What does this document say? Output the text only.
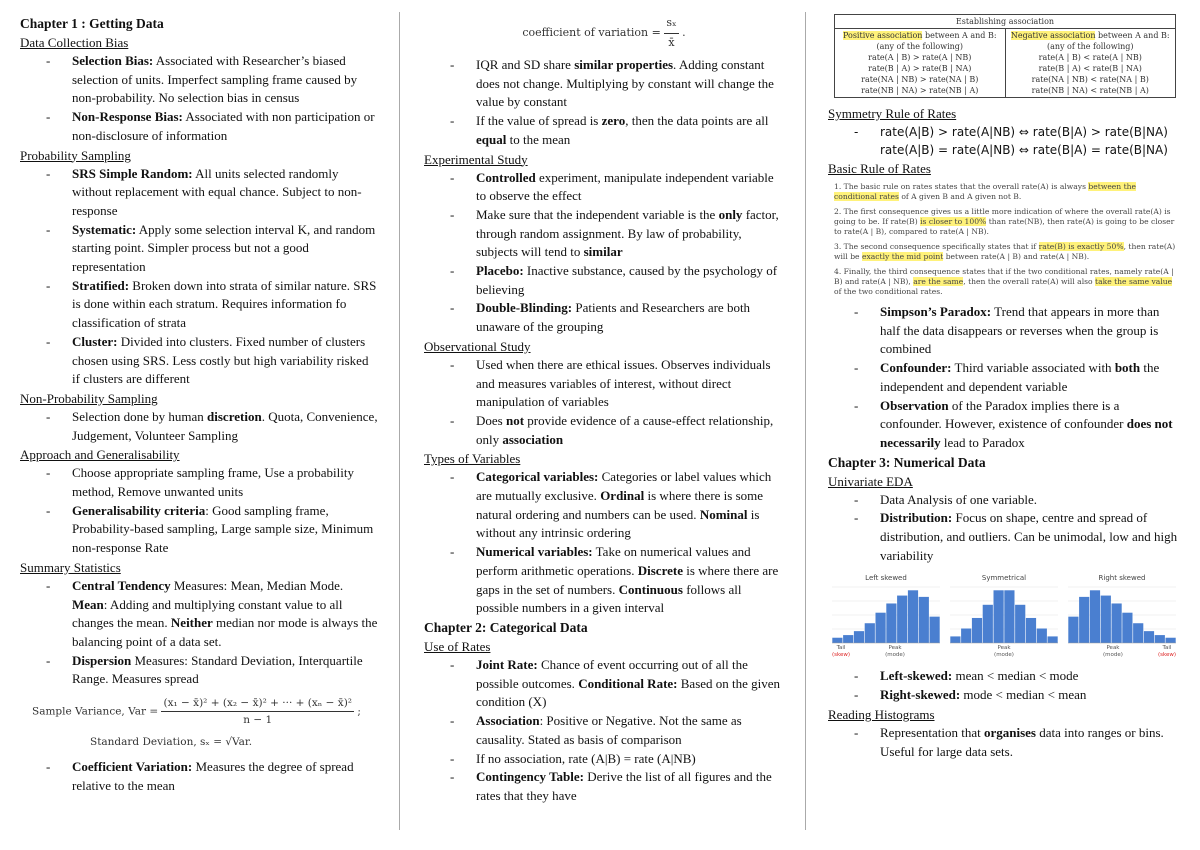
Chapter 1 : Getting Data
Data Collection Bias
- Selection Bias: Associated with Researcher’s biased selection of units. Imperfect sampling frame caused by non-probability. No selection bias in census
- Non-Response Bias: Associated with non participation or non-disclosure of information
Probability Sampling
- SRS Simple Random: All units selected randomly without replacement with equal chance. Subject to non-response
- Systematic: Apply some selection interval K, and random starting point. Simpler process but not a good representation
- Stratified: Broken down into strata of similar nature. SRS is done within each stratum. Requires information fo classification of strata
- Cluster: Divided into clusters. Fixed number of clusters chosen using SRS. Less costly but high variability risked if clusters are different
Non-Probability Sampling
- Selection done by human discretion. Quota, Convenience, Judgement, Volunteer Sampling
Approach and Generalisability
- Choose appropriate sampling frame, Use a probability method, Remove unwanted units
- Generalisability criteria: Good sampling frame, Probability-based sampling, Large sample size, Minimum non-response Rate
Summary Statistics
- Central Tendency Measures: Mean, Median Mode. Mean: Adding and multiplying constant value to all changes the mean. Neither median nor mode is always the balancing point of a data set.
- Dispersion Measures: Standard Deviation, Interquartile Range. Measures spread
Sample Variance, Var = $\frac{\text{(x₁ − x̄)² + (x₂ − x̄)² + ··· + (xₙ − x̄)²}}{n - 1}$ ;
Standard Deviation, sₓ = √Var.
- Coefficient Variation: Measures the degree of spread relative to the mean
coefficient of variation = $\frac{\text{sₓ}}{x̄}$ .
- IQR and SD share similar properties. Adding constant does not change. Multiplying by constant will change the value by constant
- If the value of spread is zero, then the data points are all equal to the mean
Experimental Study
- Controlled experiment, manipulate independent variable to observe the effect
- Make sure that the independent variable is the only factor, through random assignment. By law of probability, subjects will tend to similar
- Placebo: Inactive substance, caused by the psychology of believing
- Double-Blinding: Patients and Researchers are both unaware of the grouping
Observational Study
- Used when there are ethical issues. Observes individuals and measures variables of interest, without direct manipulation of variables
- Does not provide evidence of a cause-effect relationship, only association
Types of Variables
- Categorical variables: Categories or label values which are mutually exclusive. Ordinal is where there is some natural ordering and numbers can be used. Nominal is without any intrinsic ordering
- Numerical variables: Take on numerical values and perform arithmetic operations. Discrete is where there are gaps in the set of numbers. Continuous follows all possible numbers in a given interval
Chapter 2: Categorical Data
Use of Rates
- Joint Rate: Chance of event occurring out of all the possible outcomes. Conditional Rate: Based on the given condition (X)
- Association: Positive or Negative. Not the same as causality. Stated as basis of comparison
- If no association, rate (A|B) = rate (A|NB)
- Contingency Table: Derive the list of all figures and the rates that they have
Establishing association
Positive association between A and B:
(any of the following)
rate(A | B) > rate(A | NB)
rate(B | A) > rate(B | NA)
rate(NA | NB) > rate(NA | B)
rate(NB | NA) > rate(NB | A)
Negative association between A and B:
(any of the following)
rate(A | B) < rate(A | NB)
rate(B | A) < rate(B | NA)
rate(NA | NB) < rate(NA | B)
rate(NB | NA) < rate(NB | A)
Symmetry Rule of Rates
- rate(A|B) > rate(A|NB) ⇔ rate(B|A) > rate(B|NA)
rate(A|B) = rate(A|NB) ⇔ rate(B|A) = rate(B|NA)
Basic Rule of Rates

1. The basic rule on rates states that the overall rate(A) is always between the conditional rates of A given B and A given not B.

2. The first consequence gives us a little more indication of where the overall rate(A) is going to be. If rate(B) is closer to 100% than rate(NB), then rate(A) is going to be closer to rate(A | B), compared to rate(A | NB).

3. The second consequence specifically states that if rate(B) is exactly 50%, then rate(A) will be exactly the mid point between rate(A | B) and rate(A | NB).

4. Finally, the third consequence states that if the two conditional rates, namely rate(A | B) and rate(A | NB), are the same, then the overall rate(A) will also take the same value of the two conditional rates.

- Simpson’s Paradox: Trend that appears in more than half the data disappears or reverses when the group is combined
- Confounder: Third variable associated with both the independent and dependent variable
- Observation of the Paradox implies there is a confounder. However, existence of confounder does not necessarily lead to Paradox
Chapter 3: Numerical Data
Univariate EDA
- Data Analysis of one variable.
- Distribution: Focus on shape, centre and spread of distribution, and outliers. Can be unimodal, low and high variability
Left skewed
Tail
(skew)
Peak
(mode)
Symmetrical
Peak
(mode)
Right skewed
Peak
(mode)
Tail
(skew)
- Left-skewed: mean < median < mode
- Right-skewed: mode < median < mean
Reading Histograms
- Representation that organises data into ranges or bins. Useful for large data sets.
